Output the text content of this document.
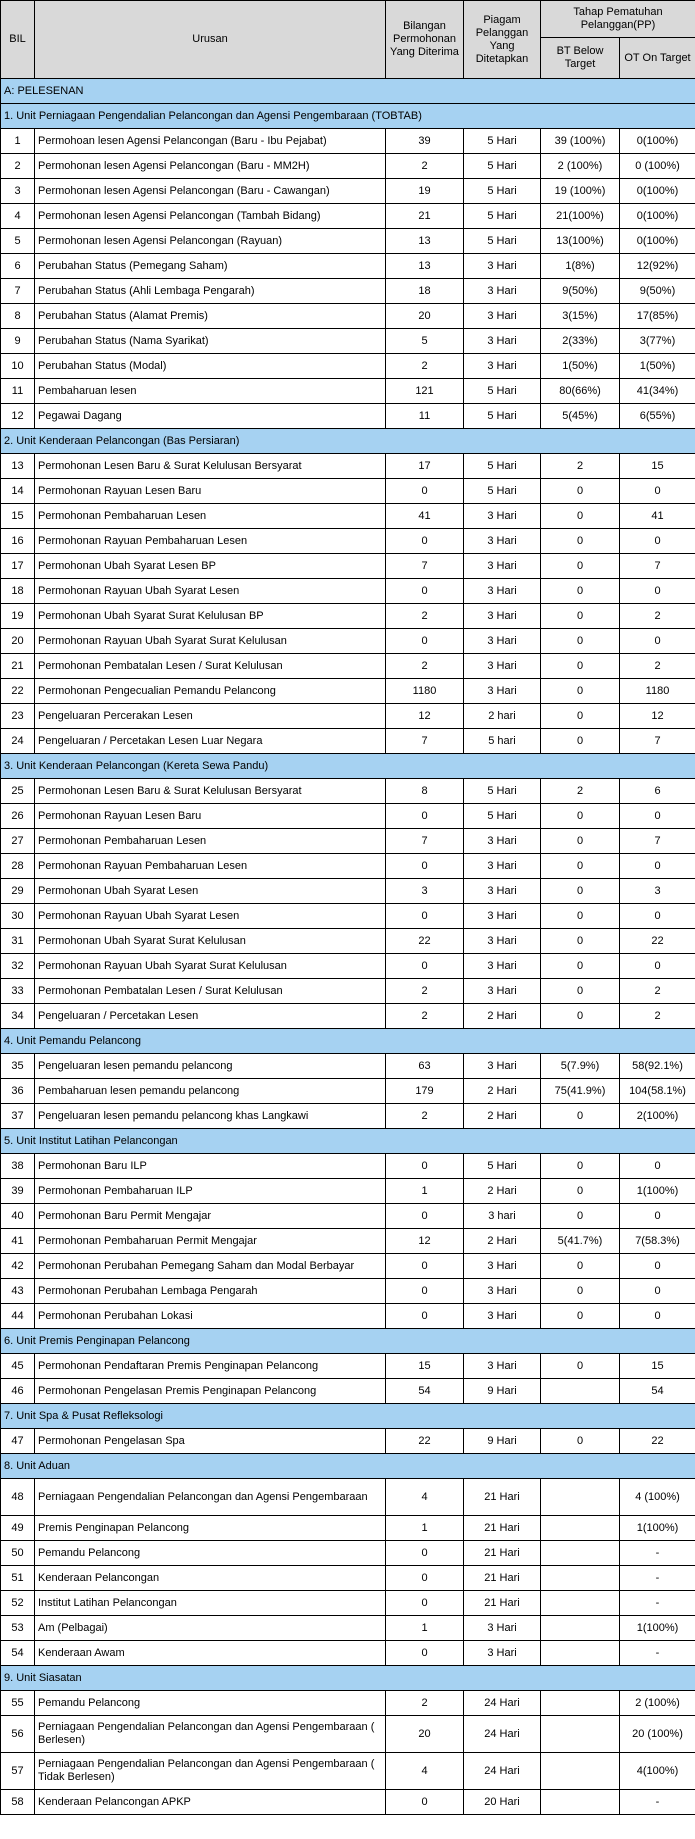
BIL	Urusan	Bilangan Permohonan Yang Diterima	Piagam Pelanggan Yang Ditetapkan	Tahap Pematuhan Pelanggan(PP)	
				BT Below Target	OT On Target
A: PELESENAN					
1. Unit Perniagaan Pengendalian Pelancongan dan Agensi Pengembaraan (TOBTAB)					
1	Permohoan lesen Agensi Pelancongan (Baru - Ibu Pejabat)	39	5 Hari	39 (100%)	0(100%)
2	Permohonan lesen Agensi Pelancongan (Baru - MM2H)	2	5 Hari	2 (100%)	0 (100%)
3	Permohonan lesen Agensi Pelancongan (Baru - Cawangan)	19	5 Hari	19 (100%)	0(100%)
4	Permohonan lesen Agensi Pelancongan (Tambah Bidang)	21	5 Hari	21(100%)	0(100%)
5	Permohonan lesen Agensi Pelancongan (Rayuan)	13	5 Hari	13(100%)	0(100%)
6	Perubahan Status (Pemegang Saham)	13	3 Hari	1(8%)	12(92%)
7	Perubahan Status (Ahli Lembaga Pengarah)	18	3 Hari	9(50%)	9(50%)
8	Perubahan Status (Alamat Premis)	20	3 Hari	3(15%)	17(85%)
9	Perubahan Status (Nama Syarikat)	5	3 Hari	2(33%)	3(77%)
10	Perubahan Status (Modal)	2	3 Hari	1(50%)	1(50%)
11	Pembaharuan lesen	121	5 Hari	80(66%)	41(34%)
12	Pegawai Dagang	11	5 Hari	5(45%)	6(55%)
2. Unit Kenderaan Pelancongan (Bas Persiaran)					
13	Permohonan Lesen Baru & Surat Kelulusan Bersyarat	17	5 Hari	2	15
14	Permohonan Rayuan Lesen Baru	0	5 Hari	0	0
15	Permohonan Pembaharuan Lesen	41	3 Hari	0	41
16	Permohonan Rayuan Pembaharuan Lesen	0	3 Hari	0	0
17	Permohonan Ubah Syarat Lesen BP	7	3 Hari	0	7
18	Permohonan Rayuan Ubah Syarat Lesen	0	3 Hari	0	0
19	Permohonan Ubah Syarat Surat Kelulusan BP	2	3 Hari	0	2
20	Permohonan Rayuan Ubah Syarat Surat Kelulusan	0	3 Hari	0	0
21	Permohonan Pembatalan Lesen / Surat Kelulusan	2	3 Hari	0	2
22	Permohonan Pengecualian Pemandu Pelancong	1180	3 Hari	0	1180
23	Pengeluaran Percerakan Lesen	12	2 hari	0	12
24	Pengeluaran / Percetakan Lesen Luar Negara	7	5 hari	0	7
3. Unit Kenderaan Pelancongan (Kereta Sewa Pandu)					
25	Permohonan Lesen Baru & Surat Kelulusan Bersyarat	8	5 Hari	2	6
26	Permohonan Rayuan Lesen Baru	0	5 Hari	0	0
27	Permohonan Pembaharuan Lesen	7	3 Hari	0	7
28	Permohonan Rayuan Pembaharuan Lesen	0	3 Hari	0	0
29	Permohonan Ubah Syarat Lesen	3	3 Hari	0	3
30	Permohonan Rayuan Ubah Syarat Lesen	0	3 Hari	0	0
31	Permohonan Ubah Syarat Surat Kelulusan	22	3 Hari	0	22
32	Permohonan Rayuan Ubah Syarat Surat Kelulusan	0	3 Hari	0	0
33	Permohonan Pembatalan Lesen / Surat Kelulusan	2	3 Hari	0	2
34	Pengeluaran / Percetakan Lesen	2	2 Hari	0	2
4. Unit Pemandu Pelancong					
35	Pengeluaran lesen pemandu pelancong	63	3 Hari	5(7.9%)	58(92.1%)
36	Pembaharuan lesen pemandu pelancong	179	2 Hari	75(41.9%)	104(58.1%)
37	Pengeluaran lesen pemandu pelancong khas Langkawi	2	2 Hari	0	2(100%)
5. Unit Institut Latihan Pelancongan					
38	Permohonan Baru ILP	0	5 Hari	0	0
39	Permohonan Pembaharuan ILP	1	2 Hari	0	1(100%)
40	Permohonan Baru Permit Mengajar	0	3 hari	0	0
41	Permohonan Pembaharuan Permit Mengajar	12	2 Hari	5(41.7%)	7(58.3%)
42	Permohonan Perubahan Pemegang Saham dan Modal Berbayar	0	3 Hari	0	0
43	Permohonan Perubahan Lembaga Pengarah	0	3 Hari	0	0
44	Permohonan Perubahan Lokasi	0	3 Hari	0	0
6. Unit Premis Penginapan Pelancong					
45	Permohonan Pendaftaran Premis Penginapan Pelancong	15	3 Hari	0	15
46	Permohonan Pengelasan Premis Penginapan Pelancong	54	9 Hari		54
7. Unit Spa & Pusat Refleksologi					
47	Permohonan Pengelasan Spa	22	9 Hari	0	22
8. Unit Aduan					
48	Perniagaan Pengendalian Pelancongan dan Agensi Pengembaraan	4	21 Hari		4 (100%)
49	Premis Penginapan Pelancong	1	21 Hari		1(100%)
50	Pemandu Pelancong	0	21 Hari		-
51	Kenderaan Pelancongan	0	21 Hari		-
52	Institut Latihan Pelancongan	0	21 Hari		-
53	Am (Pelbagai)	1	3 Hari		1(100%)
54	Kenderaan Awam	0	3 Hari		-
9. Unit Siasatan					
55	Pemandu Pelancong	2	24 Hari		2 (100%)
56	Perniagaan Pengendalian Pelancongan dan Agensi Pengembaraan ( Berlesen)	20	24 Hari		20 (100%)
57	Perniagaan Pengendalian Pelancongan dan Agensi Pengembaraan ( Tidak Berlesen)	4	24 Hari		4(100%)
58	Kenderaan Pelancongan APKP	0	20 Hari		-
